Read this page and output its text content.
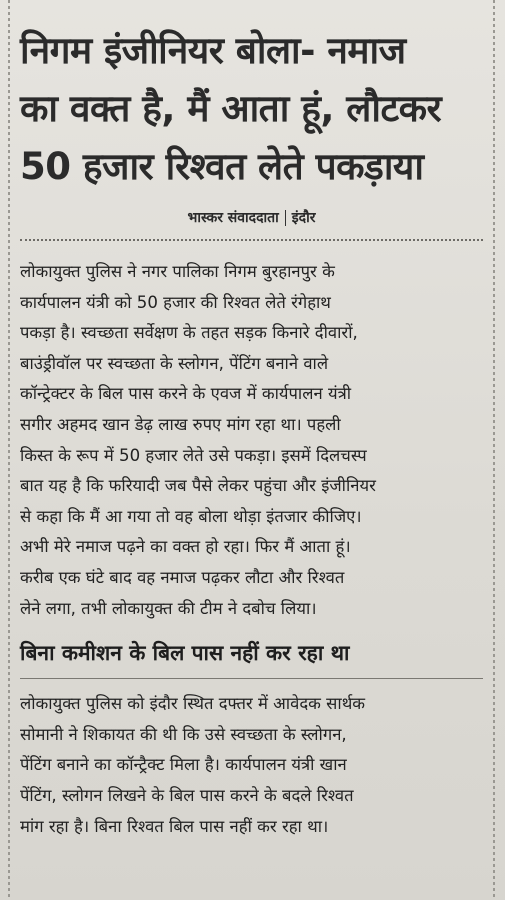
निगम इंजीनियर बोला- नमाज
का वक्त है, मैं आता हूं, लौटकर
50 हजार रिश्वत लेते पकड़ाया
भास्कर संवाददाता इंदौर
लोकायुक्त पुलिस ने नगर पालिका निगम बुरहानपुर के
कार्यपालन यंत्री को 50 हजार की रिश्वत लेते रंगेहाथ
पकड़ा है। स्वच्छता सर्वेक्षण के तहत सड़क किनारे दीवारों,
बाउंड्रीवॉल पर स्वच्छता के स्लोगन, पेंटिंग बनाने वाले
कॉन्ट्रेक्टर के बिल पास करने के एवज में कार्यपालन यंत्री
सगीर अहमद खान डेढ़ लाख रुपए मांग रहा था। पहली
किस्त के रूप में 50 हजार लेते उसे पकड़ा। इसमें दिलचस्प
बात यह है कि फरियादी जब पैसे लेकर पहुंचा और इंजीनियर
से कहा कि मैं आ गया तो वह बोला थोड़ा इंतजार कीजिए।
अभी मेरे नमाज पढ़ने का वक्त हो रहा। फिर मैं आता हूं।
करीब एक घंटे बाद वह नमाज पढ़कर लौटा और रिश्वत
लेने लगा, तभी लोकायुक्त की टीम ने दबोच लिया।
बिना कमीशन के बिल पास नहीं कर रहा था
लोकायुक्त पुलिस को इंदौर स्थित दफ्तर में आवेदक सार्थक
सोमानी ने शिकायत की थी कि उसे स्वच्छता के स्लोगन,
पेंटिंग बनाने का कॉन्ट्रैक्ट मिला है। कार्यपालन यंत्री खान
पेंटिंग, स्लोगन लिखने के बिल पास करने के बदले रिश्वत
मांग रहा है। बिना रिश्वत बिल पास नहीं कर रहा था।
